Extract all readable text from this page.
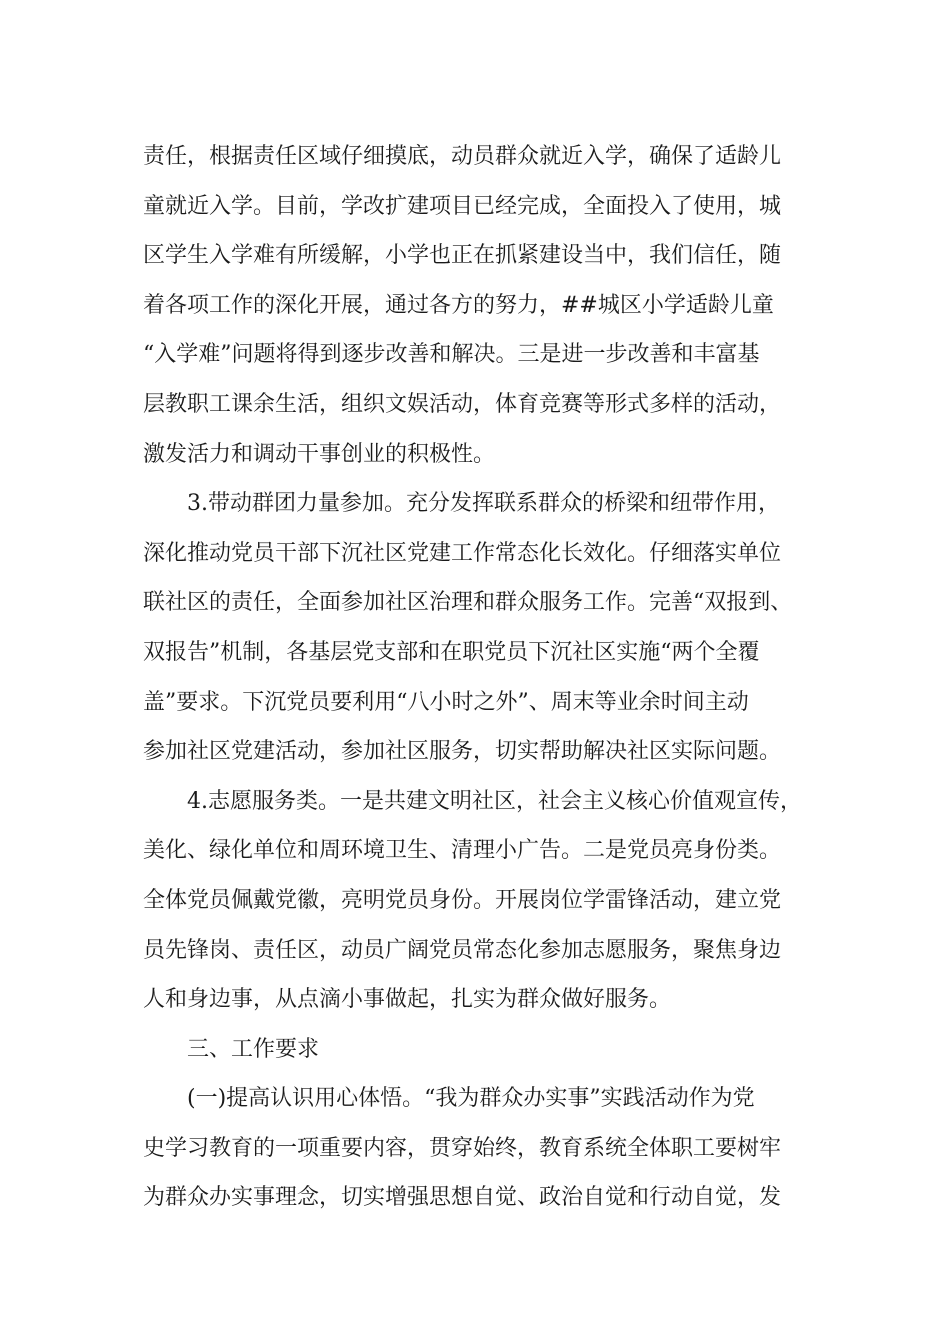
责任，根据责任区域仔细摸底，动员群众就近入学，确保了适龄儿
童就近入学。目前，学改扩建项目已经完成，全面投入了使用，城
区学生入学难有所缓解，小学也正在抓紧建设当中，我们信任，随
着各项工作的深化开展，通过各方的努力，##城区小学适龄儿童
“入学难”问题将得到逐步改善和解决。三是进一步改善和丰富基
层教职工课余生活，组织文娱活动，体育竞赛等形式多样的活动，
激发活力和调动干事创业的积极性。
3.带动群团力量参加。充分发挥联系群众的桥梁和纽带作用，
深化推动党员干部下沉社区党建工作常态化长效化。仔细落实单位
联社区的责任，全面参加社区治理和群众服务工作。完善“双报到、
双报告”机制，各基层党支部和在职党员下沉社区实施“两个全覆
盖”要求。下沉党员要利用“八小时之外”、周末等业余时间主动
参加社区党建活动，参加社区服务，切实帮助解决社区实际问题。
4.志愿服务类。一是共建文明社区，社会主义核心价值观宣传，
美化、绿化单位和周环境卫生、清理小广告。二是党员亮身份类。
全体党员佩戴党徽，亮明党员身份。开展岗位学雷锋活动，建立党
员先锋岗、责任区，动员广阔党员常态化参加志愿服务，聚焦身边
人和身边事，从点滴小事做起，扎实为群众做好服务。
三、工作要求
(一)提高认识用心体悟。“我为群众办实事”实践活动作为党
史学习教育的一项重要内容，贯穿始终，教育系统全体职工要树牢
为群众办实事理念，切实增强思想自觉、政治自觉和行动自觉，发
